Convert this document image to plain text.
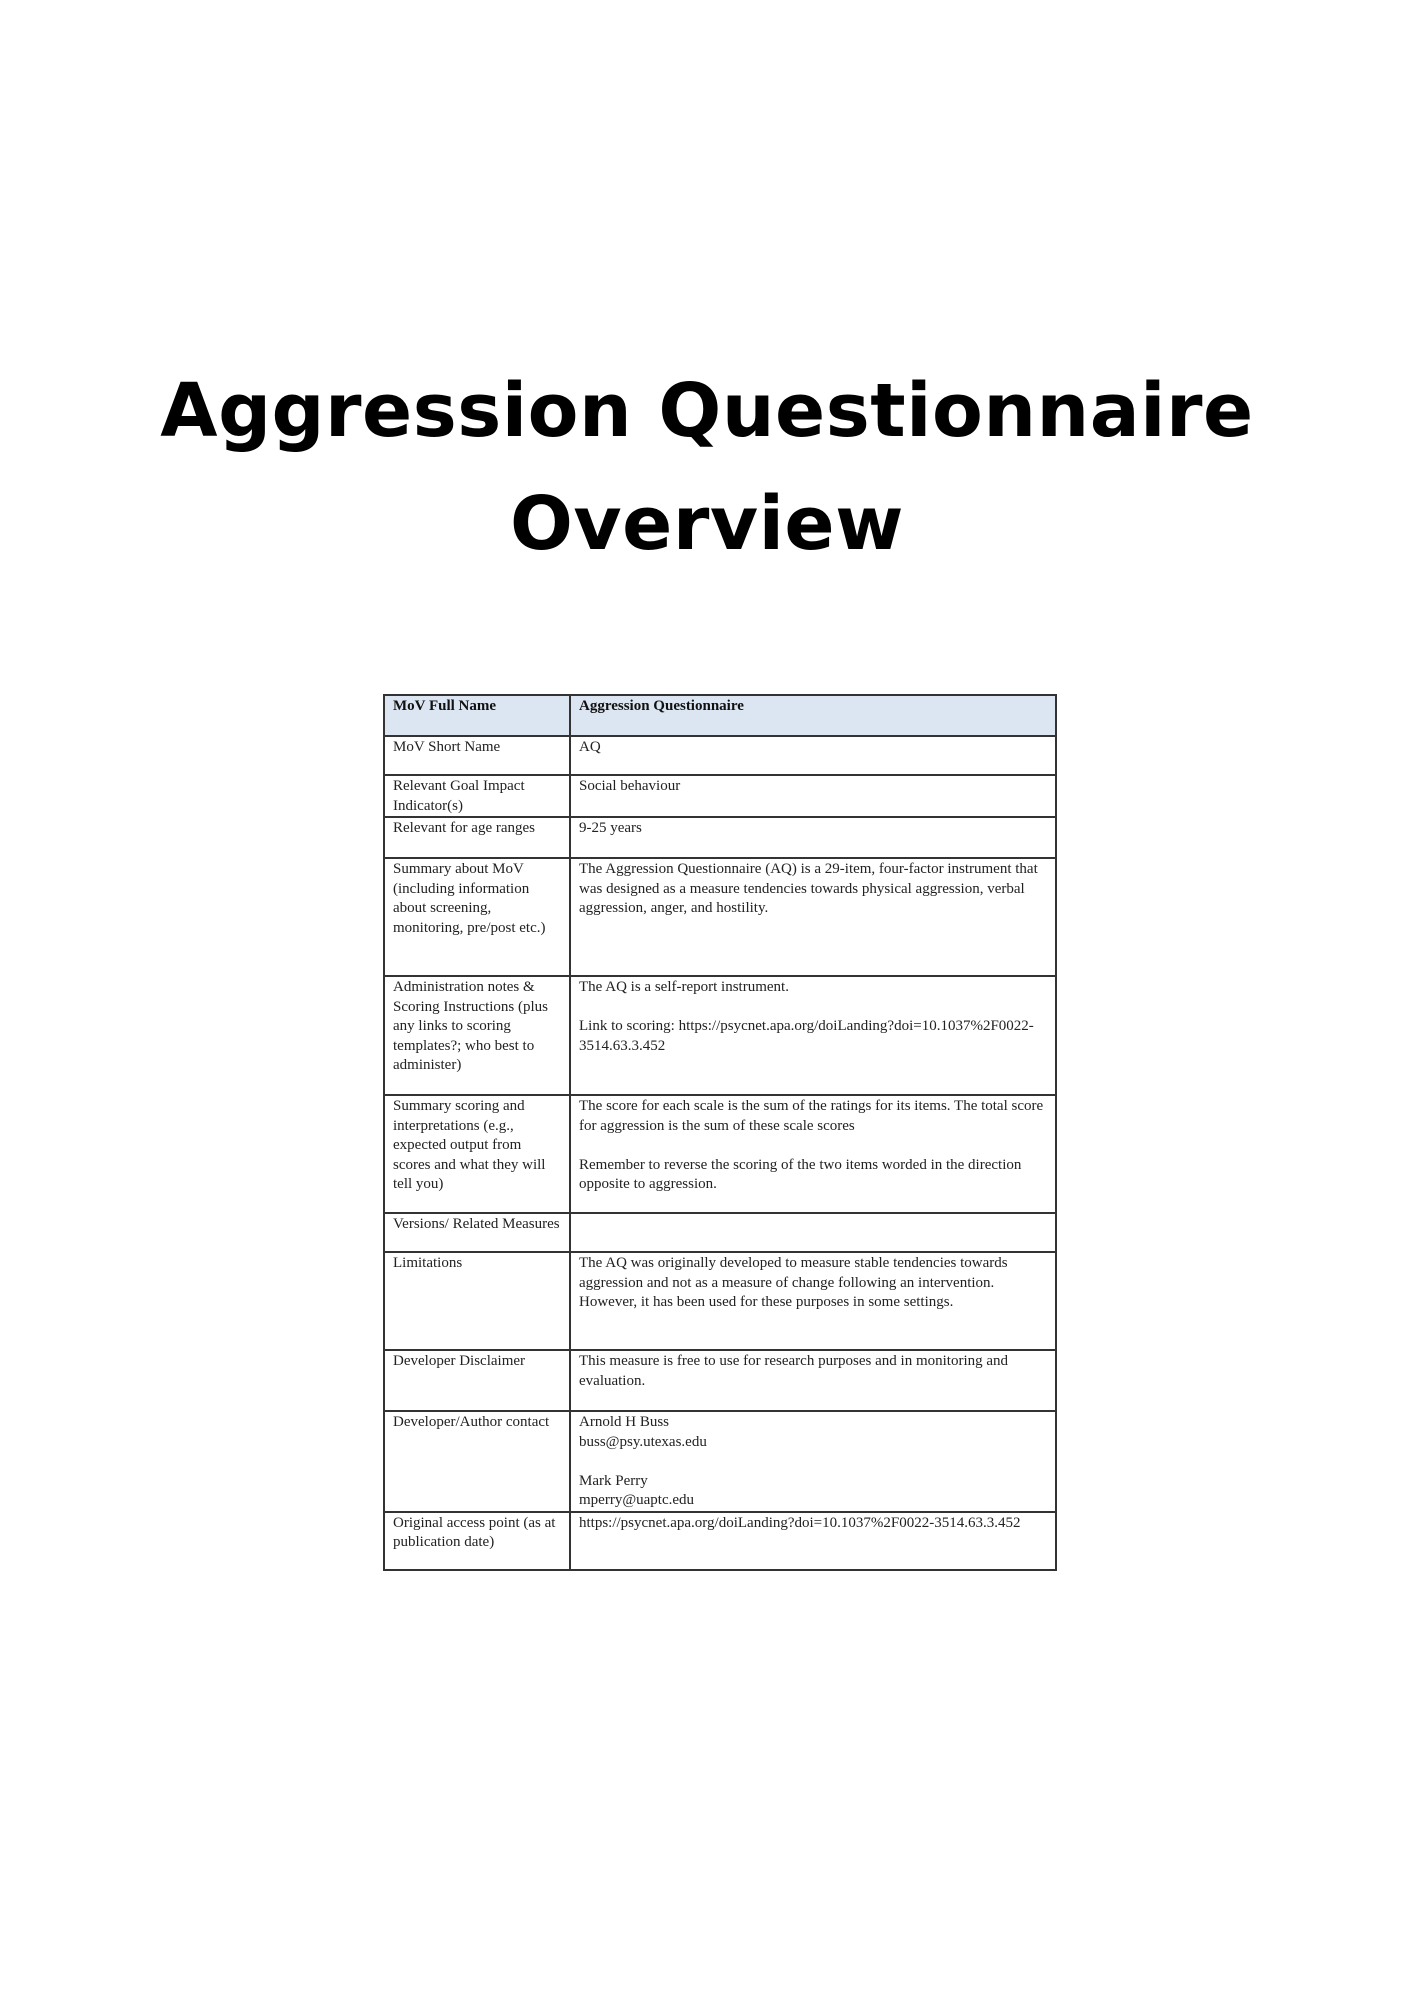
Aggression Questionnaire
Overview
MoV Full Name	Aggression Questionnaire
MoV Short Name	AQ

Relevant Goal Impact Indicator(s)	Social behaviour

Relevant for age ranges	9-25 years

Summary about MoV (including information about screening, monitoring, pre/post etc.)	The Aggression Questionnaire (AQ) is a 29-item, four-factor instrument that was designed as a measure tendencies towards physical aggression, verbal aggression, anger, and hostility.

Administration notes & Scoring Instructions (plus any links to scoring templates?; who best to administer)	The AQ is a self-report instrument.
Link to scoring: https://psycnet.apa.org/doiLanding?doi=10.1037%2F0022-3514.63.3.452

Summary scoring and interpretations (e.g., expected output from scores and what they will tell you)	The score for each scale is the sum of the ratings for its items. The total score for aggression is the sum of these scale scores
Remember to reverse the scoring of the two items worded in the direction opposite to aggression.

Versions/ Related Measures	
Limitations	The AQ was originally developed to measure stable tendencies towards aggression and not as a measure of change following an intervention. However, it has been used for these purposes in some settings.

Developer Disclaimer	This measure is free to use for research purposes and in monitoring and evaluation.

Developer/Author contact	Arnold H Buss
buss@psy.utexas.edu
Mark Perry
mperry@uaptc.edu

Original access point (as at publication date)	https://psycnet.apa.org/doiLanding?doi=10.1037%2F0022-3514.63.3.452
